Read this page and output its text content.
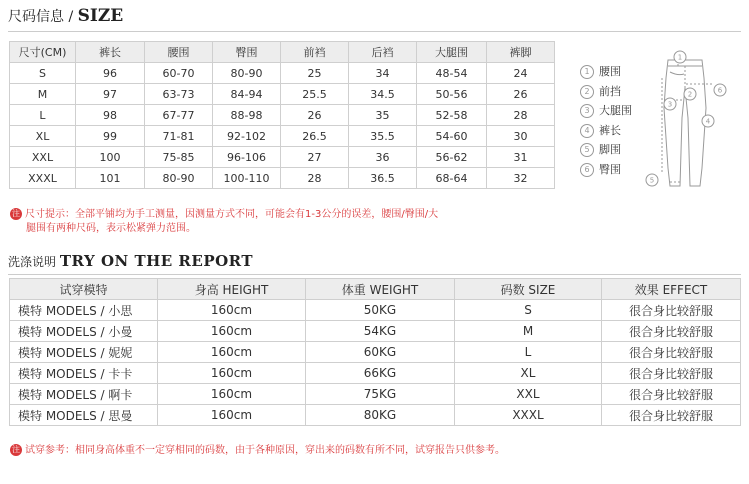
尺码信息 / SIZE
尺寸(CM)	裤长	腰围	臀围	前裆	后裆	大腿围	裤脚
S	96	60-70	80-90	25	34	48-54	24
M	97	63-73	84-94	25.5	34.5	50-56	26
L	98	67-77	88-98	26	35	52-58	28
XL	99	71-81	92-102	26.5	35.5	54-60	30
XXL	100	75-85	96-106	27	36	56-62	31
XXXL	101	80-90	100-110	28	36.5	68-64	32
注 尺寸提示：全部平铺均为手工测量，因测量方式不同，可能会有1-3公分的误差，腰围/臀围/大
腿围有两种尺码，表示松紧弹力范围。
1 腰围
2 前挡
3 大腿围
4 裤长
5 脚围
6 臀围
1
2
3
4
5
6
洗涤说明 TRY ON THE REPORT
试穿模特	身高 HEIGHT	体重 WEIGHT	码数 SIZE	效果 EFFECT
模特 MODELS / 小思	160cm	50KG	S	很合身比较舒服
模特 MODELS / 小曼	160cm	54KG	M	很合身比较舒服
模特 MODELS / 妮妮	160cm	60KG	L	很合身比较舒服
模特 MODELS / 卡卡	160cm	66KG	XL	很合身比较舒服
模特 MODELS / 啊卡	160cm	75KG	XXL	很合身比较舒服
模特 MODELS / 思曼	160cm	80KG	XXXL	很合身比较舒服
注 试穿参考：相同身高体重不一定穿相同的码数，由于各种原因，穿出来的码数有所不同，试穿报告只供参考。
